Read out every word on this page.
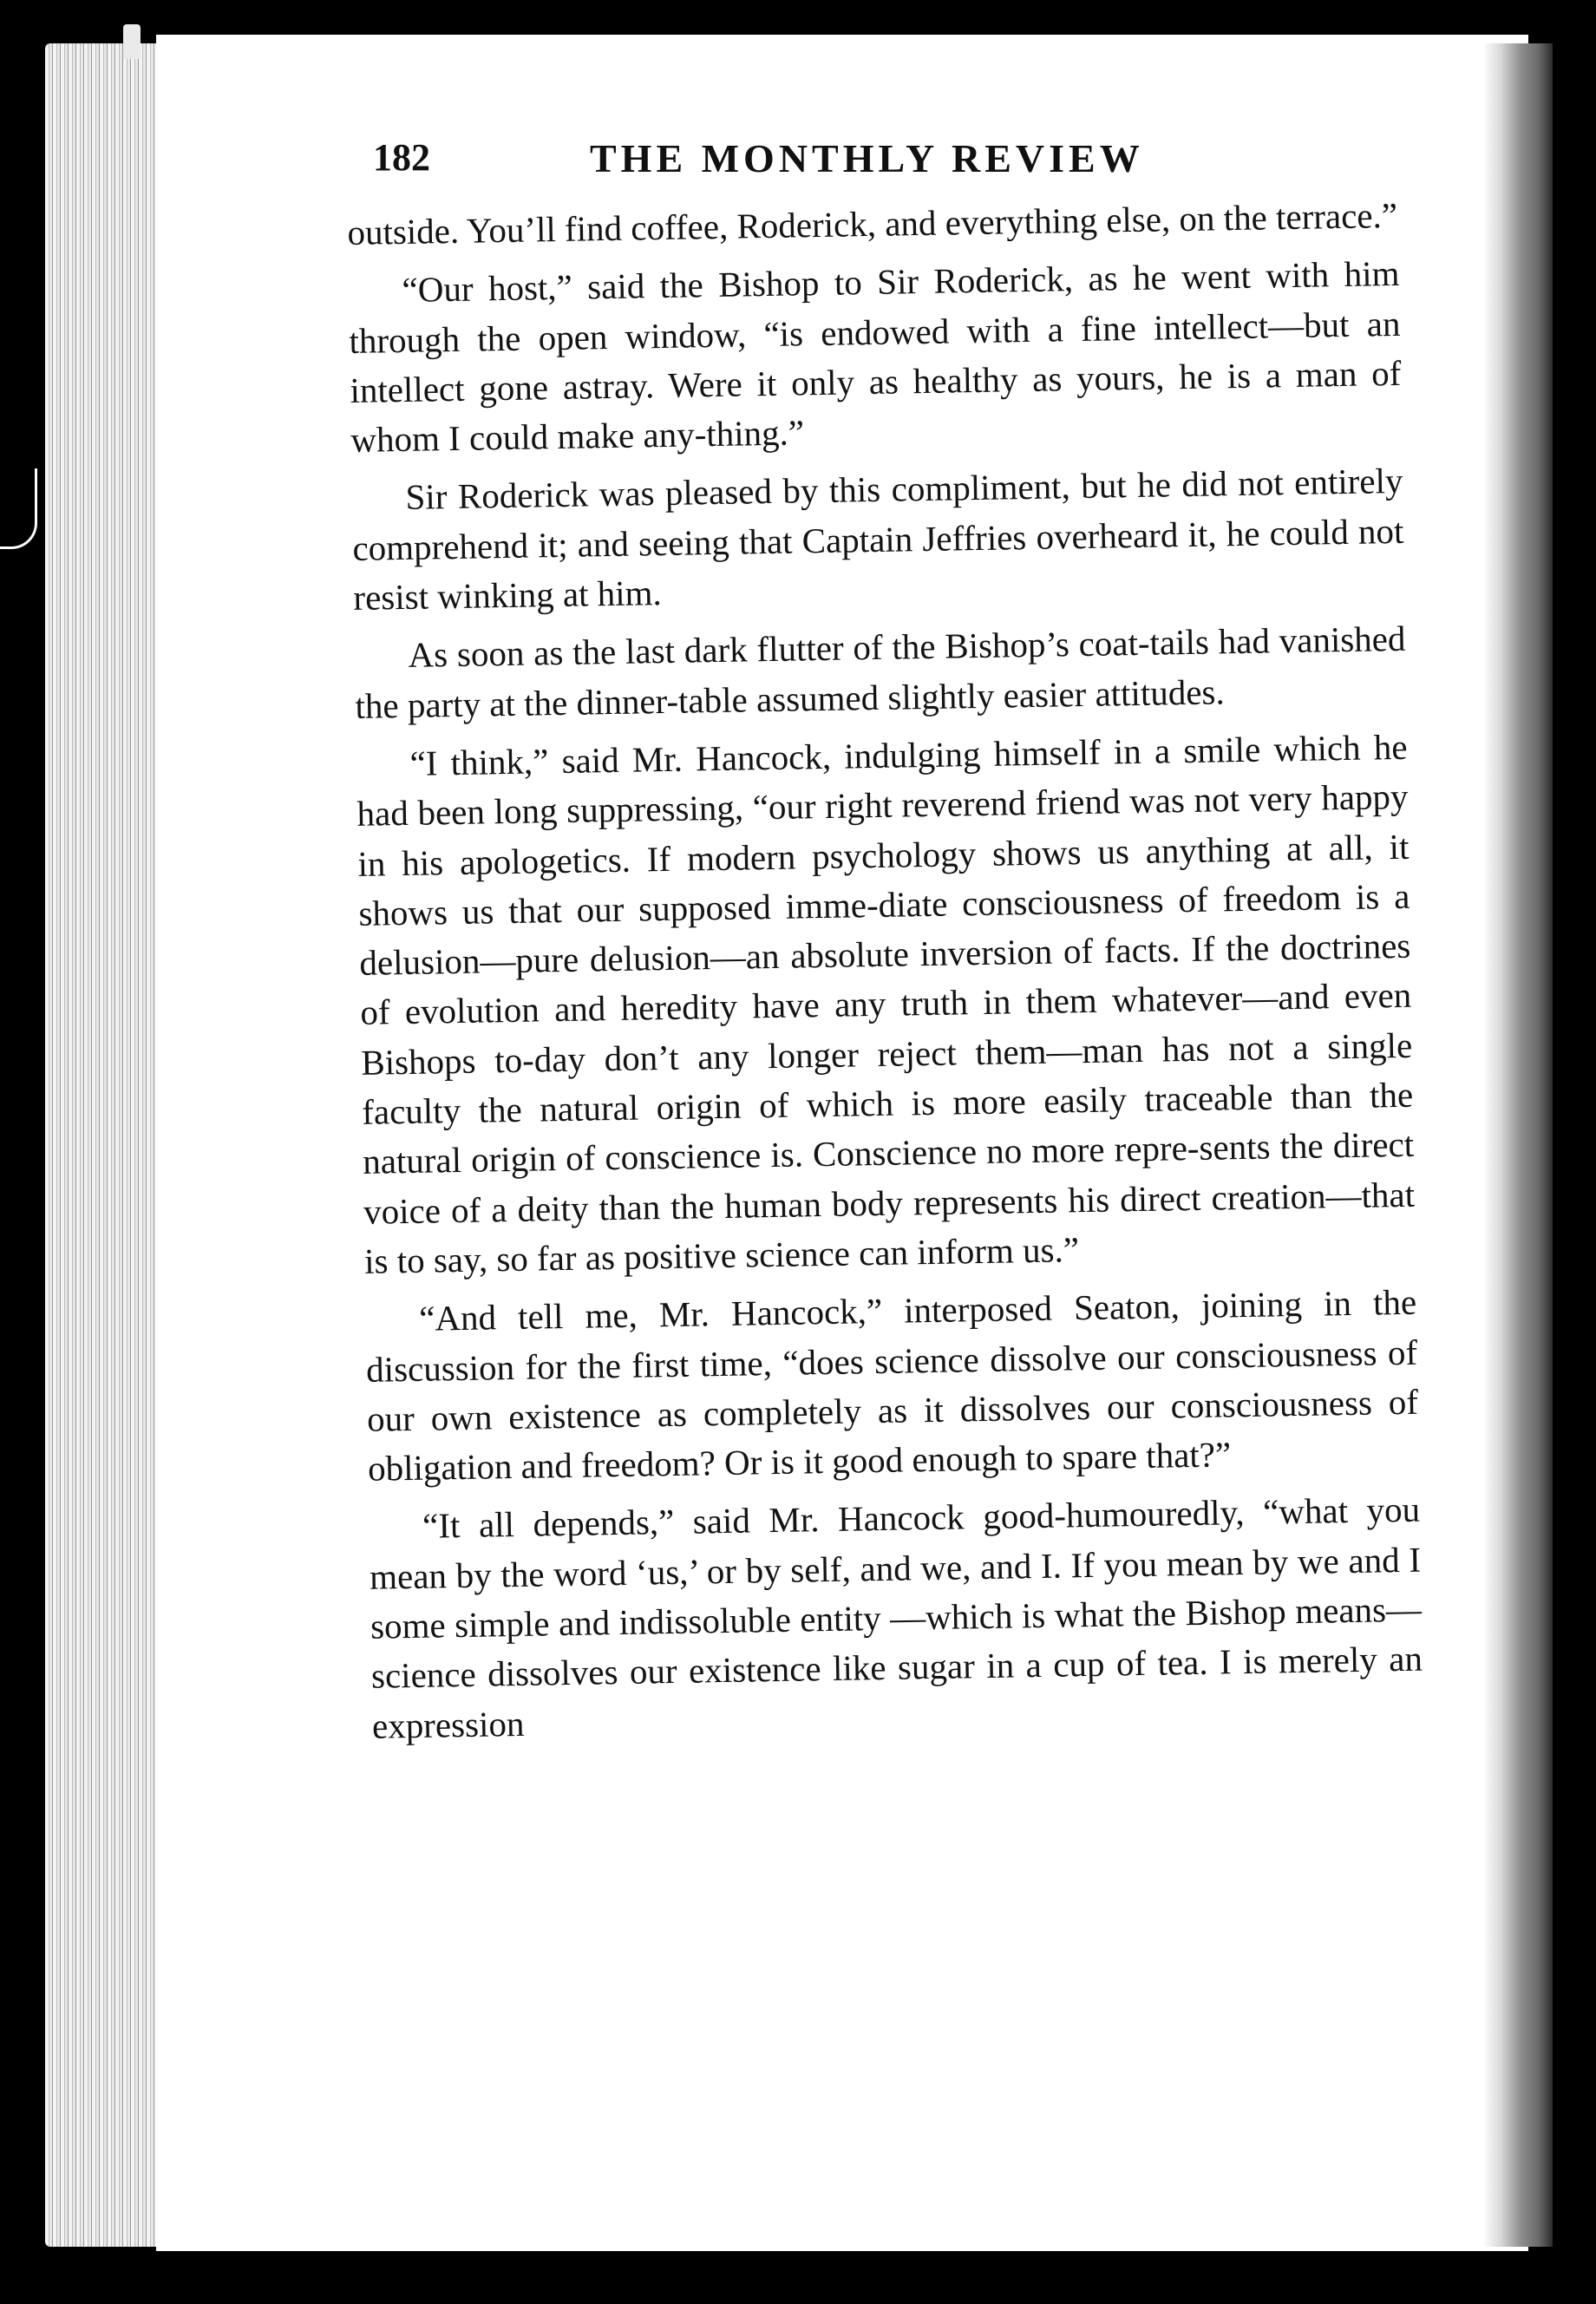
182	THE MONTHLY REVIEW

outside. You’ll find coffee, Roderick, and everything else, on the terrace.”

“Our host,” said the Bishop to Sir Roderick, as he went with him through the open window, “is endowed with a fine intellect—but an intellect gone astray. Were it only as healthy as yours, he is a man of whom I could make any-thing.”

Sir Roderick was pleased by this compliment, but he did not entirely comprehend it; and seeing that Captain Jeffries overheard it, he could not resist winking at him.

As soon as the last dark flutter of the Bishop’s coat-tails had vanished the party at the dinner-table assumed slightly easier attitudes.

“I think,” said Mr. Hancock, indulging himself in a smile which he had been long suppressing, “our right reverend friend was not very happy in his apologetics. If modern psychology shows us anything at all, it shows us that our supposed imme-diate consciousness of freedom is a delusion—pure delusion—an absolute inversion of facts. If the doctrines of evolution and heredity have any truth in them whatever—and even Bishops to-day don’t any longer reject them—man has not a single faculty the natural origin of which is more easily traceable than the natural origin of conscience is. Conscience no more repre-sents the direct voice of a deity than the human body represents his direct creation—that is to say, so far as positive science can inform us.”

“And tell me, Mr. Hancock,” interposed Seaton, joining in the discussion for the first time, “does science dissolve our consciousness of our own existence as completely as it dissolves our consciousness of obligation and freedom? Or is it good enough to spare that?”

“It all depends,” said Mr. Hancock good-humouredly, “what you mean by the word ‘us,’ or by self, and we, and I. If you mean by we and I some simple and indissoluble entity —which is what the Bishop means—science dissolves our existence like sugar in a cup of tea. I is merely an expression
